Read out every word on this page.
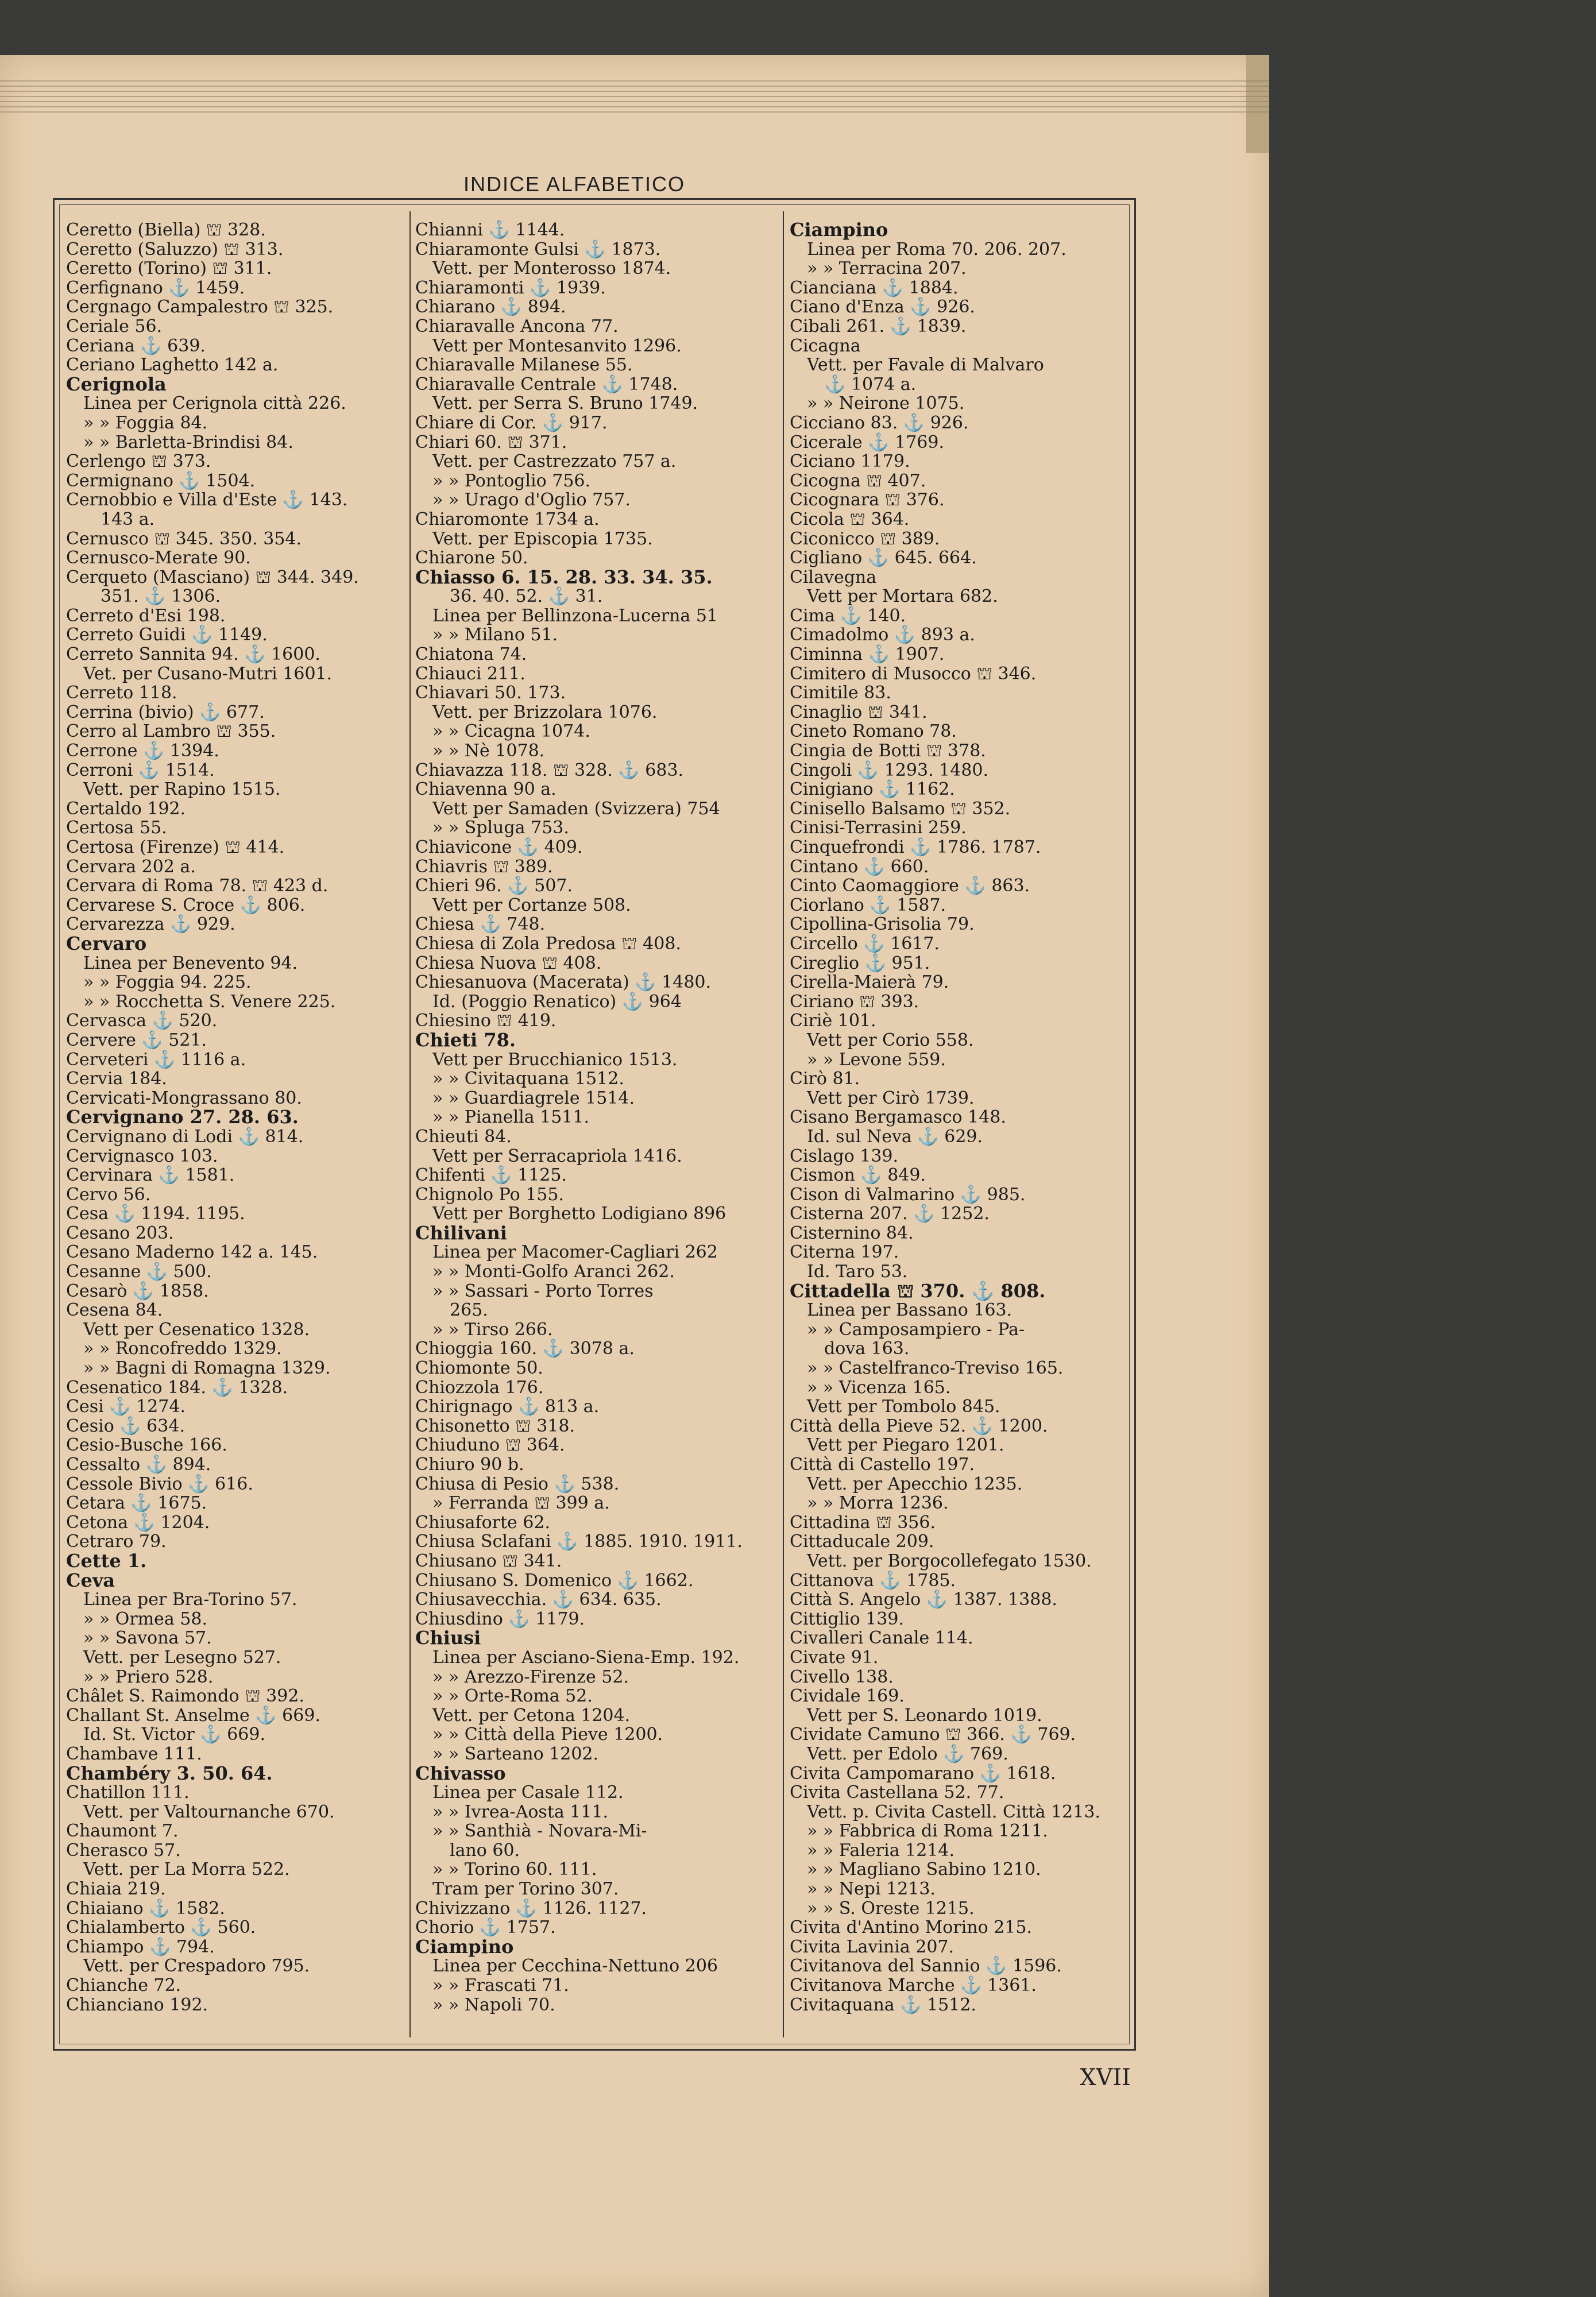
INDICE ALFABETICO
Ceretto (Biella) ⛫ 328.
Ceretto (Saluzzo) ⛫ 313.
Ceretto (Torino) ⛫ 311.
Cerfignano ⚓ 1459.
Cergnago Campalestro ⛫ 325.
Ceriale 56.
Ceriana ⚓ 639.
Ceriano Laghetto 142 a.
Cerignola
Linea per Cerignola città 226.
» » Foggia 84.
» » Barletta-Brindisi 84.
Cerlengo ⛫ 373.
Cermignano ⚓ 1504.
Cernobbio e Villa d'Este ⚓ 143.
143 a.
Cernusco ⛫ 345. 350. 354.
Cernusco-Merate 90.
Cerqueto (Masciano) ⛫ 344. 349.
351. ⚓ 1306.
Cerreto d'Esi 198.
Cerreto Guidi ⚓ 1149.
Cerreto Sannita 94. ⚓ 1600.
Vet. per Cusano-Mutri 1601.
Cerreto 118.
Cerrina (bivio) ⚓ 677.
Cerro al Lambro ⛫ 355.
Cerrone ⚓ 1394.
Cerroni ⚓ 1514.
Vett. per Rapino 1515.
Certaldo 192.
Certosa 55.
Certosa (Firenze) ⛫ 414.
Cervara 202 a.
Cervara di Roma 78. ⛫ 423 d.
Cervarese S. Croce ⚓ 806.
Cervarezza ⚓ 929.
Cervaro
Linea per Benevento 94.
» » Foggia 94. 225.
» » Rocchetta S. Venere 225.
Cervasca ⚓ 520.
Cervere ⚓ 521.
Cerveteri ⚓ 1116 a.
Cervia 184.
Cervicati-Mongrassano 80.
Cervignano 27. 28. 63.
Cervignano di Lodi ⚓ 814.
Cervignasco 103.
Cervinara ⚓ 1581.
Cervo 56.
Cesa ⚓ 1194. 1195.
Cesano 203.
Cesano Maderno 142 a. 145.
Cesanne ⚓ 500.
Cesarò ⚓ 1858.
Cesena 84.
Vett per Cesenatico 1328.
» » Roncofreddo 1329.
» » Bagni di Romagna 1329.
Cesenatico 184. ⚓ 1328.
Cesi ⚓ 1274.
Cesio ⚓ 634.
Cesio-Busche 166.
Cessalto ⚓ 894.
Cessole Bivio ⚓ 616.
Cetara ⚓ 1675.
Cetona ⚓ 1204.
Cetraro 79.
Cette 1.
Ceva
Linea per Bra-Torino 57.
» » Ormea 58.
» » Savona 57.
Vett. per Lesegno 527.
» » Priero 528.
Châlet S. Raimondo ⛫ 392.
Challant St. Anselme ⚓ 669.
Id. St. Victor ⚓ 669.
Chambave 111.
Chambéry 3. 50. 64.
Chatillon 111.
Vett. per Valtournanche 670.
Chaumont 7.
Cherasco 57.
Vett. per La Morra 522.
Chiaia 219.
Chiaiano ⚓ 1582.
Chialamberto ⚓ 560.
Chiampo ⚓ 794.
Vett. per Crespadoro 795.
Chianche 72.
Chianciano 192.
Chianni ⚓ 1144.
Chiaramonte Gulsi ⚓ 1873.
Vett. per Monterosso 1874.
Chiaramonti ⚓ 1939.
Chiarano ⚓ 894.
Chiaravalle Ancona 77.
Vett per Montesanvito 1296.
Chiaravalle Milanese 55.
Chiaravalle Centrale ⚓ 1748.
Vett. per Serra S. Bruno 1749.
Chiare di Cor. ⚓ 917.
Chiari 60. ⛫ 371.
Vett. per Castrezzato 757 a.
» » Pontoglio 756.
» » Urago d'Oglio 757.
Chiaromonte 1734 a.
Vett. per Episcopia 1735.
Chiarone 50.
Chiasso 6. 15. 28. 33. 34. 35.
36. 40. 52. ⚓ 31.
Linea per Bellinzona-Lucerna 51
» » Milano 51.
Chiatona 74.
Chiauci 211.
Chiavari 50. 173.
Vett. per Brizzolara 1076.
» » Cicagna 1074.
» » Nè 1078.
Chiavazza 118. ⛫ 328. ⚓ 683.
Chiavenna 90 a.
Vett per Samaden (Svizzera) 754
» » Spluga 753.
Chiavicone ⚓ 409.
Chiavris ⛫ 389.
Chieri 96. ⚓ 507.
Vett per Cortanze 508.
Chiesa ⚓ 748.
Chiesa di Zola Predosa ⛫ 408.
Chiesa Nuova ⛫ 408.
Chiesanuova (Macerata) ⚓ 1480.
Id. (Poggio Renatico) ⚓ 964
Chiesino ⛫ 419.
Chieti 78.
Vett per Brucchianico 1513.
» » Civitaquana 1512.
» » Guardiagrele 1514.
» » Pianella 1511.
Chieuti 84.
Vett per Serracapriola 1416.
Chifenti ⚓ 1125.
Chignolo Po 155.
Vett per Borghetto Lodigiano 896
Chilivani
Linea per Macomer-Cagliari 262
» » Monti-Golfo Aranci 262.
» » Sassari - Porto Torres
265.
» » Tirso 266.
Chioggia 160. ⚓ 3078 a.
Chiomonte 50.
Chiozzola 176.
Chirignago ⚓ 813 a.
Chisonetto ⛫ 318.
Chiuduno ⛫ 364.
Chiuro 90 b.
Chiusa di Pesio ⚓ 538.
» Ferranda ⛫ 399 a.
Chiusaforte 62.
Chiusa Sclafani ⚓ 1885. 1910. 1911.
Chiusano ⛫ 341.
Chiusano S. Domenico ⚓ 1662.
Chiusavecchia. ⚓ 634. 635.
Chiusdino ⚓ 1179.
Chiusi
Linea per Asciano-Siena-Emp. 192.
» » Arezzo-Firenze 52.
» » Orte-Roma 52.
Vett. per Cetona 1204.
» » Città della Pieve 1200.
» » Sarteano 1202.
Chivasso
Linea per Casale 112.
» » Ivrea-Aosta 111.
» » Santhià - Novara-Mi-
lano 60.
» » Torino 60. 111.
Tram per Torino 307.
Chivizzano ⚓ 1126. 1127.
Chorio ⚓ 1757.
Ciampino
Linea per Cecchina-Nettuno 206
» » Frascati 71.
» » Napoli 70.
Ciampino
Linea per Roma 70. 206. 207.
» » Terracina 207.
Cianciana ⚓ 1884.
Ciano d'Enza ⚓ 926.
Cibali 261. ⚓ 1839.
Cicagna
Vett. per Favale di Malvaro
⚓ 1074 a.
» » Neirone 1075.
Cicciano 83. ⚓ 926.
Cicerale ⚓ 1769.
Ciciano 1179.
Cicogna ⛫ 407.
Cicognara ⛫ 376.
Cicola ⛫ 364.
Ciconicco ⛫ 389.
Cigliano ⚓ 645. 664.
Cilavegna
Vett per Mortara 682.
Cima ⚓ 140.
Cimadolmo ⚓ 893 a.
Ciminna ⚓ 1907.
Cimitero di Musocco ⛫ 346.
Cimitile 83.
Cinaglio ⛫ 341.
Cineto Romano 78.
Cingia de Botti ⛫ 378.
Cingoli ⚓ 1293. 1480.
Cinigiano ⚓ 1162.
Cinisello Balsamo ⛫ 352.
Cinisi-Terrasini 259.
Cinquefrondi ⚓ 1786. 1787.
Cintano ⚓ 660.
Cinto Caomaggiore ⚓ 863.
Ciorlano ⚓ 1587.
Cipollina-Grisolia 79.
Circello ⚓ 1617.
Cireglio ⚓ 951.
Cirella-Maierà 79.
Ciriano ⛫ 393.
Ciriè 101.
Vett per Corio 558.
» » Levone 559.
Cirò 81.
Vett per Cirò 1739.
Cisano Bergamasco 148.
Id. sul Neva ⚓ 629.
Cislago 139.
Cismon ⚓ 849.
Cison di Valmarino ⚓ 985.
Cisterna 207. ⚓ 1252.
Cisternino 84.
Citerna 197.
Id. Taro 53.
Cittadella ⛫ 370. ⚓ 808.
Linea per Bassano 163.
» » Camposampiero - Pa-
dova 163.
» » Castelfranco-Treviso 165.
» » Vicenza 165.
Vett per Tombolo 845.
Città della Pieve 52. ⚓ 1200.
Vett per Piegaro 1201.
Città di Castello 197.
Vett. per Apecchio 1235.
» » Morra 1236.
Cittadina ⛫ 356.
Cittaducale 209.
Vett. per Borgocollefegato 1530.
Cittanova ⚓ 1785.
Città S. Angelo ⚓ 1387. 1388.
Cittiglio 139.
Civalleri Canale 114.
Civate 91.
Civello 138.
Cividale 169.
Vett per S. Leonardo 1019.
Cividate Camuno ⛫ 366. ⚓ 769.
Vett. per Edolo ⚓ 769.
Civita Campomarano ⚓ 1618.
Civita Castellana 52. 77.
Vett. p. Civita Castell. Città 1213.
» » Fabbrica di Roma 1211.
» » Faleria 1214.
» » Magliano Sabino 1210.
» » Nepi 1213.
» » S. Oreste 1215.
Civita d'Antino Morino 215.
Civita Lavinia 207.
Civitanova del Sannio ⚓ 1596.
Civitanova Marche ⚓ 1361.
Civitaquana ⚓ 1512.
XVII
